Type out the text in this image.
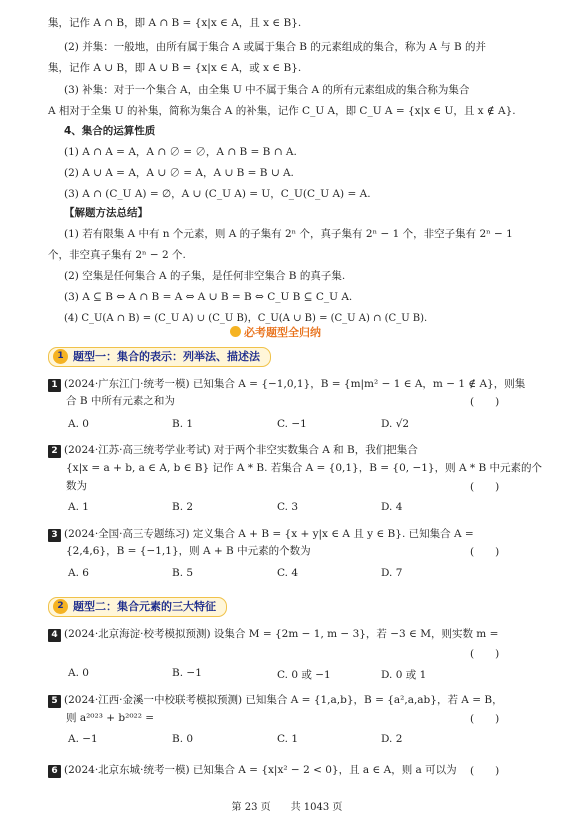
集，记作 A ∩ B，即 A ∩ B = {x|x ∈ A，且 x ∈ B}.
(2) 并集：一般地，由所有属于集合 A 或属于集合 B 的元素组成的集合，称为 A 与 B 的并
集，记作 A ∪ B，即 A ∪ B = {x|x ∈ A，或 x ∈ B}.
(3) 补集：对于一个集合 A，由全集 U 中不属于集合 A 的所有元素组成的集合称为集合
A 相对于全集 U 的补集，简称为集合 A 的补集，记作 C_U A，即 C_U A = {x|x ∈ U，且 x ∉ A}.
4、集合的运算性质
(1) A ∩ A = A，A ∩ ∅ = ∅，A ∩ B = B ∩ A.
(2) A ∪ A = A，A ∪ ∅ = A，A ∪ B = B ∪ A.
(3) A ∩ (C_U A) = ∅，A ∪ (C_U A) = U，C_U(C_U A) = A.
【解题方法总结】
(1) 若有限集 A 中有 n 个元素，则 A 的子集有 2ⁿ 个，真子集有 2ⁿ − 1 个，非空子集有 2ⁿ − 1
个，非空真子集有 2ⁿ − 2 个.
(2) 空集是任何集合 A 的子集，是任何非空集合 B 的真子集.
(3) A ⊆ B ⇔ A ∩ B = A ⇔ A ∪ B = B ⇔ C_U B ⊆ C_U A.
(4) C_U(A ∩ B) = (C_U A) ∪ (C_U B)，C_U(A ∪ B) = (C_U A) ∩ (C_U B).
必考题型全归纳
1 题型一：集合的表示：列举法、描述法
1 (2024·广东江门·统考一模) 已知集合 A = {−1,0,1}，B = {m|m² − 1 ∈ A，m − 1 ∉ A}，则集
合 B 中所有元素之和为	(　　)
A. 0	B. 1	C. −1	D. √2
2 (2024·江苏·高三统考学业考试) 对于两个非空实数集合 A 和 B，我们把集合
{x|x = a + b, a ∈ A, b ∈ B} 记作 A * B. 若集合 A = {0,1}，B = {0, −1}，则 A * B 中元素的个
数为	(　　)
A. 1	B. 2	C. 3	D. 4
3 (2024·全国·高三专题练习) 定义集合 A + B = {x + y|x ∈ A 且 y ∈ B}. 已知集合 A =
{2,4,6}，B = {−1,1}，则 A + B 中元素的个数为	(　　)
A. 6	B. 5	C. 4	D. 7
2 题型二：集合元素的三大特征
4 (2024·北京海淀·校考模拟预测) 设集合 M = {2m − 1, m − 3}，若 −3 ∈ M，则实数 m =
(　　)
A. 0	B. −1	C. 0 或 −1	D. 0 或 1
5 (2024·江西·金溪一中校联考模拟预测) 已知集合 A = {1,a,b}，B = {a²,a,ab}，若 A = B，
则 a²⁰²³ + b²⁰²² =	(　　)
A. −1	B. 0	C. 1	D. 2
6 (2024·北京东城·统考一模) 已知集合 A = {x|x² − 2 < 0}，且 a ∈ A，则 a 可以为 (　　)
第 23 页　　共 1043 页
